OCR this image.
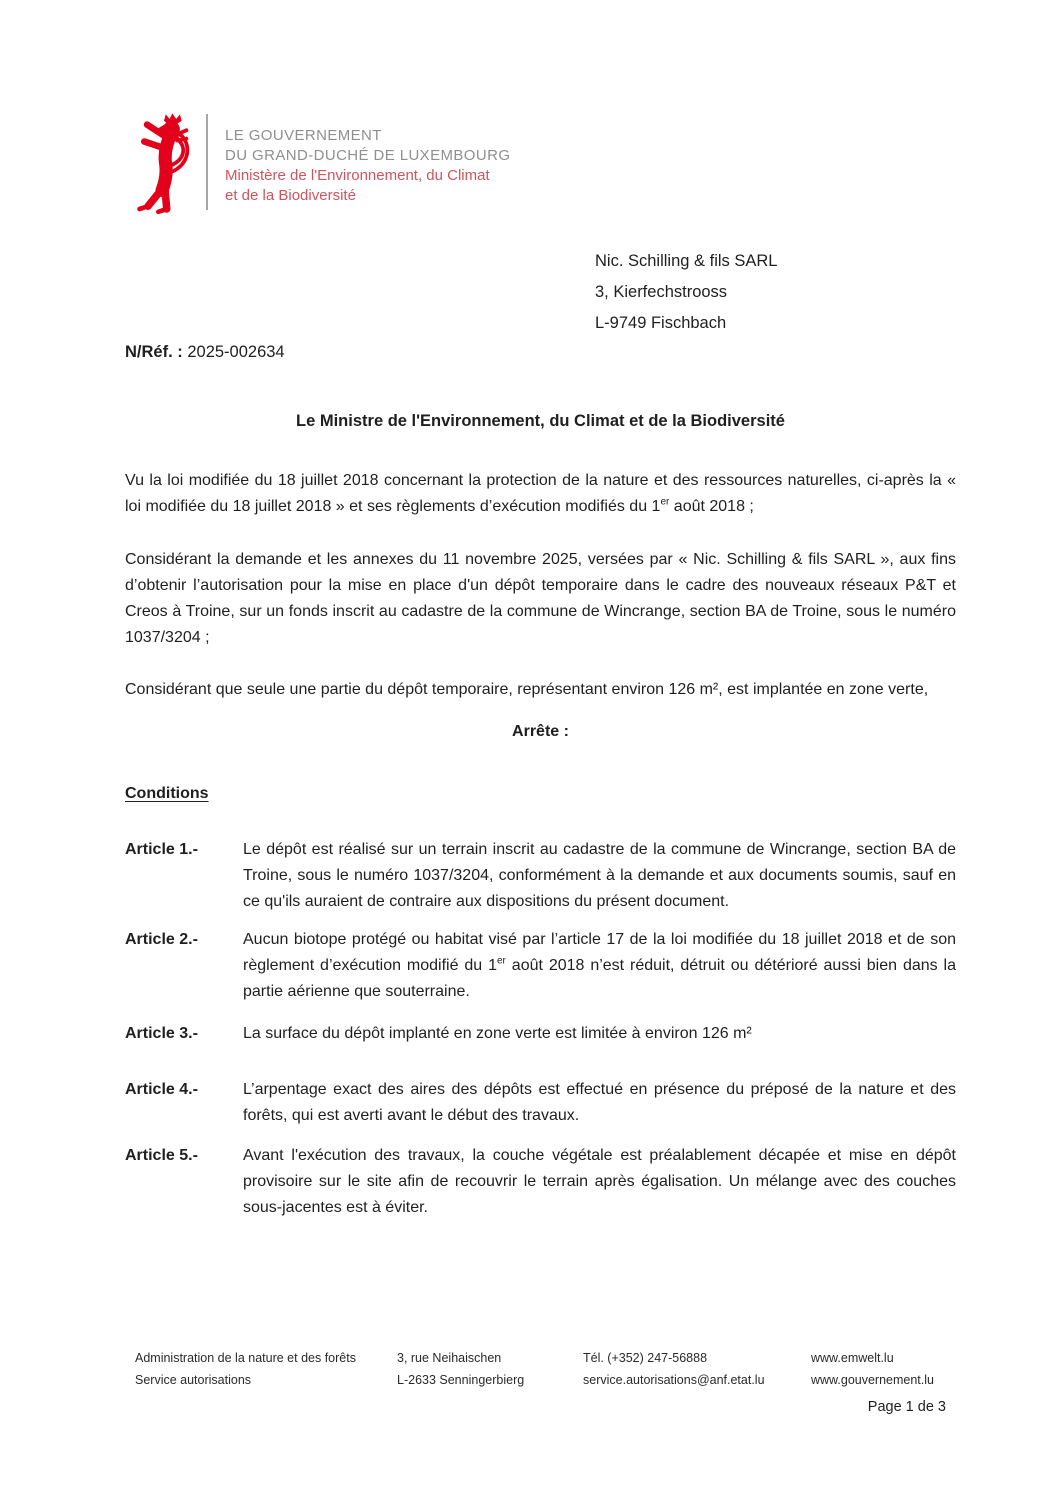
LE GOUVERNEMENT
DU GRAND-DUCHÉ DE LUXEMBOURG
Ministère de l'Environnement, du Climat
et de la Biodiversité
Nic. Schilling & fils SARL
3, Kierfechstrooss
L-9749 Fischbach
N/Réf. : 2025-002634

Le Ministre de l'Environnement, du Climat et de la Biodiversité

Vu la loi modifiée du 18 juillet 2018 concernant la protection de la nature et des ressources naturelles, ci-après la « loi modifiée du 18 juillet 2018 » et ses règlements d’exécution modifiés du 1er août 2018 ;

Considérant la demande et les annexes du 11 novembre 2025, versées par « Nic. Schilling & fils SARL », aux fins d’obtenir l’autorisation pour la mise en place d'un dépôt temporaire dans le cadre des nouveaux réseaux P&T et Creos à Troine, sur un fonds inscrit au cadastre de la commune de Wincrange, section BA de Troine, sous le numéro 1037/3204 ;

Considérant que seule une partie du dépôt temporaire, représentant environ 126 m², est implantée en zone verte,

Arrête :

Conditions

Article 1.-	Le dépôt est réalisé sur un terrain inscrit au cadastre de la commune de Wincrange, section BA de Troine, sous le numéro 1037/3204, conformément à la demande et aux documents soumis, sauf en ce qu'ils auraient de contraire aux dispositions du présent document.
Article 2.-	Aucun biotope protégé ou habitat visé par l’article 17 de la loi modifiée du 18 juillet 2018 et de son règlement d’exécution modifié du 1er août 2018 n’est réduit, détruit ou détérioré aussi bien dans la partie aérienne que souterraine.
Article 3.-	La surface du dépôt implanté en zone verte est limitée à environ 126 m²
Article 4.-	L’arpentage exact des aires des dépôts est effectué en présence du préposé de la nature et des forêts, qui est averti avant le début des travaux.
Article 5.-	Avant l'exécution des travaux, la couche végétale est préalablement décapée et mise en dépôt provisoire sur le site afin de recouvrir le terrain après égalisation. Un mélange avec des couches sous-jacentes est à éviter.
Administration de la nature et des forêts
Service autorisations
3, rue Neihaischen
L-2633 Senningerbierg
Tél. (+352) 247-56888
service.autorisations@anf.etat.lu
www.emwelt.lu
www.gouvernement.lu
Page 1 de 3
